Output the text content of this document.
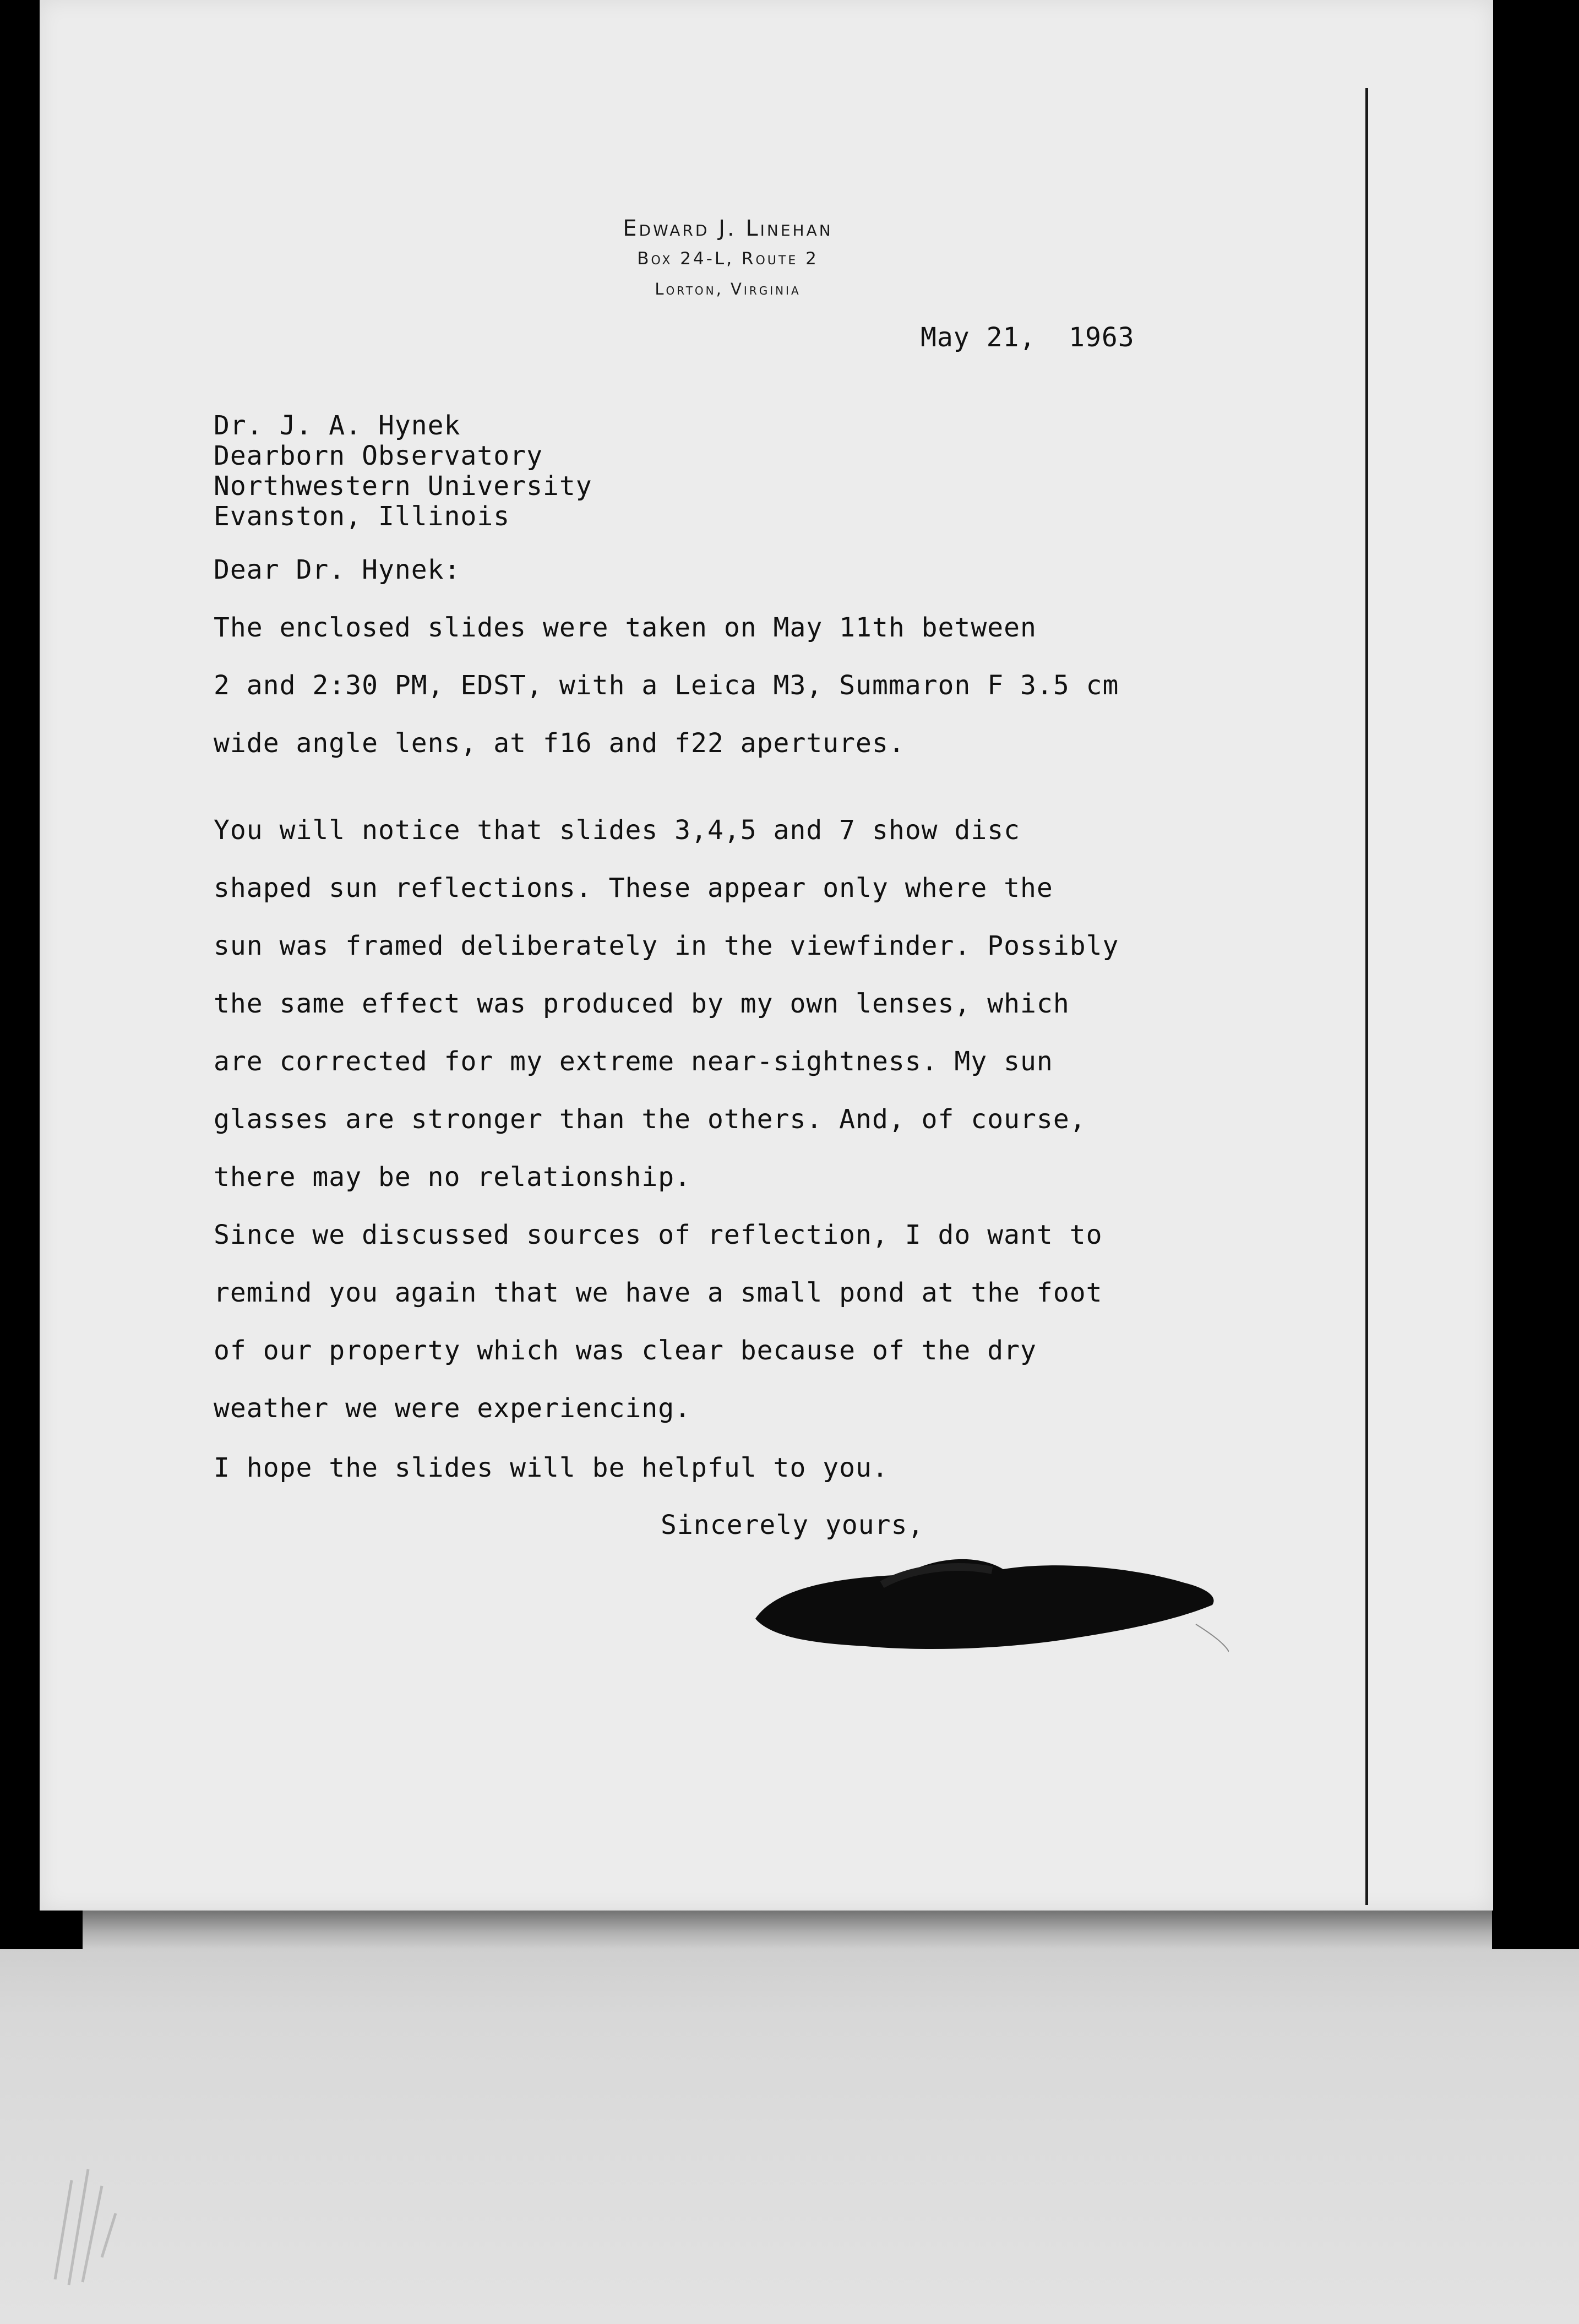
Edward J. Linehan
Box 24-L, Route 2
Lorton, Virginia
May 21,  1963
Dr. J. A. Hynek
Dearborn Observatory
Northwestern University
Evanston, Illinois
Dear Dr. Hynek:
The enclosed slides were taken on May 11th between
2 and 2:30 PM, EDST, with a Leica M3, Summaron F 3.5 cm
wide angle lens, at f16 and f22 apertures.
You will notice that slides 3,4,5 and 7 show disc
shaped sun reflections. These appear only where the
sun was framed deliberately in the viewfinder. Possibly
the same effect was produced by my own lenses, which
are corrected for my extreme near-sightness. My sun
glasses are stronger than the others. And, of course,
there may be no relationship.
Since we discussed sources of reflection, I do want to
remind you again that we have a small pond at the foot
of our property which was clear because of the dry
weather we were experiencing.
I hope the slides will be helpful to you.
Sincerely yours,
